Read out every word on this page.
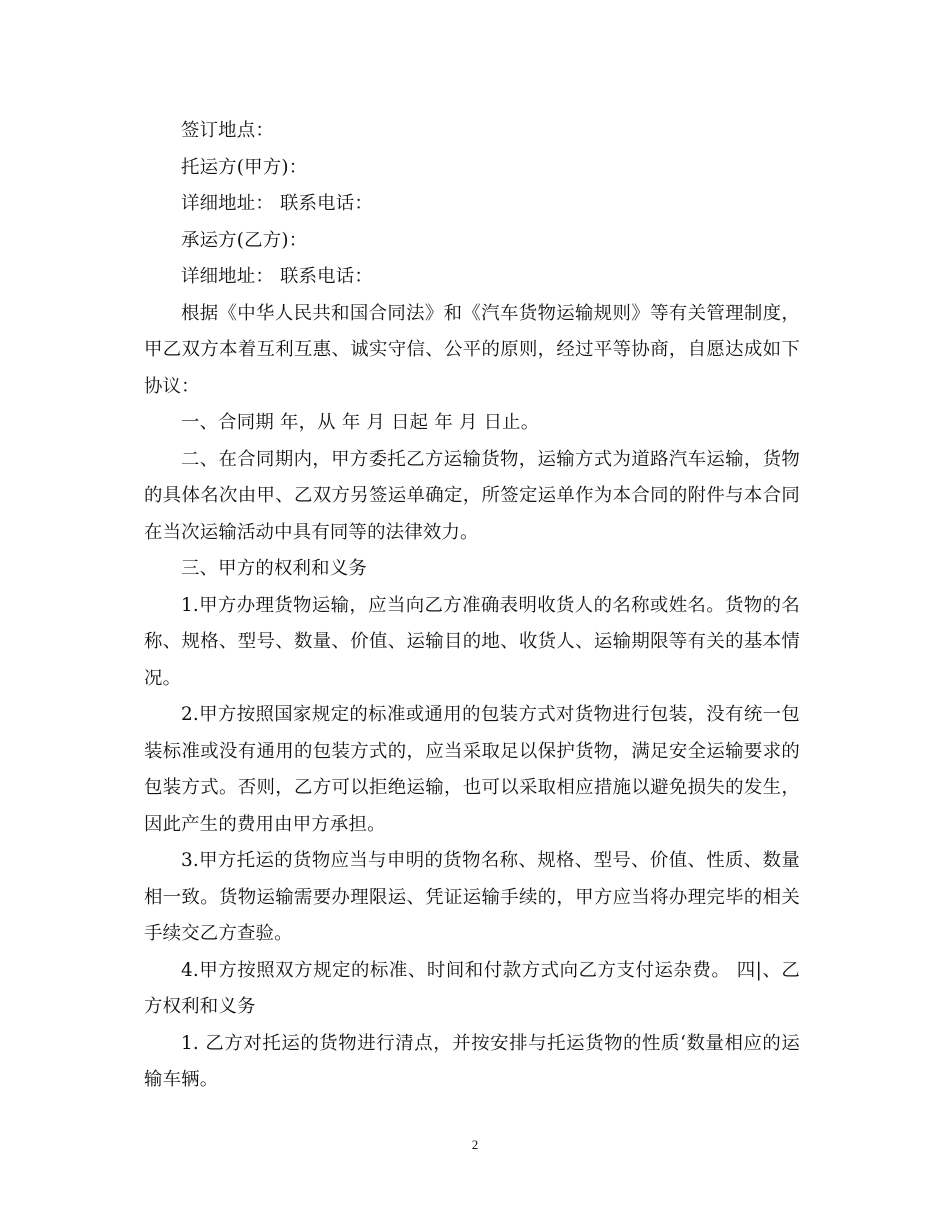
签订地点：

托运方(甲方)：

详细地址： 联系电话：

承运方(乙方)：

详细地址： 联系电话：

根据《中华人民共和国合同法》和《汽车货物运输规则》等有关管理制度，甲乙双方本着互利互惠、诚实守信、公平的原则，经过平等协商，自愿达成如下协议：

一、合同期 年，从 年 月 日起 年 月 日止。

二、在合同期内，甲方委托乙方运输货物，运输方式为道路汽车运输，货物的具体名次由甲、乙双方另签运单确定，所签定运单作为本合同的附件与本合同在当次运输活动中具有同等的法律效力。

三、甲方的权利和义务

1.甲方办理货物运输，应当向乙方准确表明收货人的名称或姓名。货物的名称、规格、型号、数量、价值、运输目的地、收货人、运输期限等有关的基本情况。

2.甲方按照国家规定的标准或通用的包装方式对货物进行包装，没有统一包装标准或没有通用的包装方式的，应当采取足以保护货物，满足安全运输要求的包装方式。否则，乙方可以拒绝运输，也可以采取相应措施以避免损失的发生，因此产生的费用由甲方承担。

3.甲方托运的货物应当与申明的货物名称、规格、型号、价值、性质、数量相一致。货物运输需要办理限运、凭证运输手续的，甲方应当将办理完毕的相关手续交乙方查验。

4.甲方按照双方规定的标准、时间和付款方式向乙方支付运杂费。 四|、乙方权利和义务

1. 乙方对托运的货物进行清点，并按安排与托运货物的性质‘数量相应的运输车辆。

2
